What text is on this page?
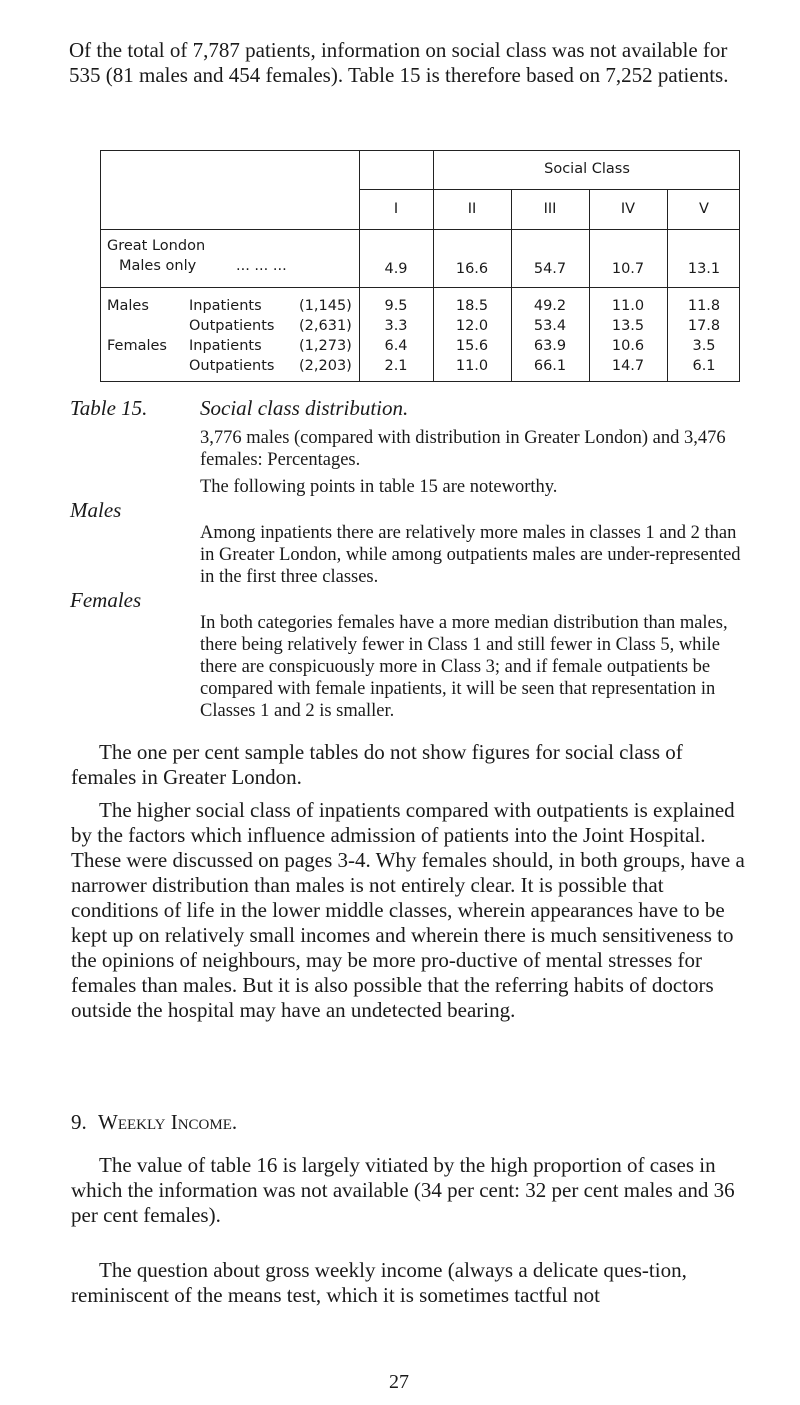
Of the total of 7,787 patients, information on social class was not available for 535 (81 males and 454 females). Table 15 is therefore based on 7,252 patients.
Social Class
I	II	III	IV	V
Great London
Males only	... ... ...	4.9	16.6	54.7	10.7	13.1
Males	Inpatients	(1,145)	9.5	18.5	49.2	11.0	11.8
Outpatients (2,631)	3.3	12.0	53.4	13.5	17.8
Females Inpatients	(1,273)	6.4	15.6	63.9	10.6	3.5
Outpatients (2,203)	2.1	11.0	66.1	14.7	6.1
Table 15.	Social class distribution.
3,776 males (compared with distribution in Greater London) and 3,476 females: Percentages.
The following points in table 15 are noteworthy.
Males
Among inpatients there are relatively more males in classes 1 and 2 than in Greater London, while among outpatients males are under-represented in the first three classes.
Females
In both categories females have a more median distribution than males, there being relatively fewer in Class 1 and still fewer in Class 5, while there are conspicuously more in Class 3; and if female outpatients be compared with female inpatients, it will be seen that representation in Classes 1 and 2 is smaller.
The one per cent sample tables do not show figures for social class of females in Greater London.
The higher social class of inpatients compared with outpatients is explained by the factors which influence admission of patients into the Joint Hospital. These were discussed on pages 3-4. Why females should, in both groups, have a narrower distribution than males is not entirely clear. It is possible that conditions of life in the lower middle classes, wherein appearances have to be kept up on relatively small incomes and wherein there is much sensitiveness to the opinions of neighbours, may be more pro-ductive of mental stresses for females than males. But it is also possible that the referring habits of doctors outside the hospital may have an undetected bearing.
9. Weekly Income.
The value of table 16 is largely vitiated by the high proportion of cases in which the information was not available (34 per cent: 32 per cent males and 36 per cent females).
The question about gross weekly income (always a delicate ques-tion, reminiscent of the means test, which it is sometimes tactful not
27
